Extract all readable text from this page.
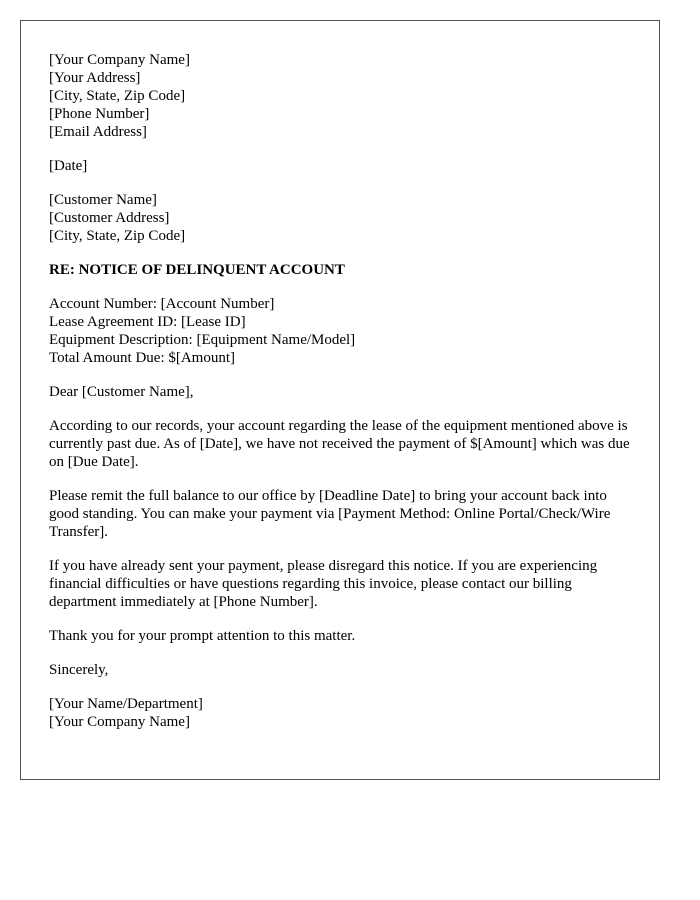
[Your Company Name]
[Your Address]
[City, State, Zip Code]
[Phone Number]
[Email Address]
[Date]
[Customer Name]
[Customer Address]
[City, State, Zip Code]
RE: NOTICE OF DELINQUENT ACCOUNT
Account Number: [Account Number]
Lease Agreement ID: [Lease ID]
Equipment Description: [Equipment Name/Model]
Total Amount Due: $[Amount]

Dear [Customer Name],

According to our records, your account regarding the lease of the equipment mentioned above is currently past due. As of [Date], we have not received the payment of $[Amount] which was due on [Due Date].

Please remit the full balance to our office by [Deadline Date] to bring your account back into good standing. You can make your payment via [Payment Method: Online Portal/Check/Wire Transfer].

If you have already sent your payment, please disregard this notice. If you are experiencing financial difficulties or have questions regarding this invoice, please contact our billing department immediately at [Phone Number].

Thank you for your prompt attention to this matter.

Sincerely,

[Your Name/Department]
[Your Company Name]
